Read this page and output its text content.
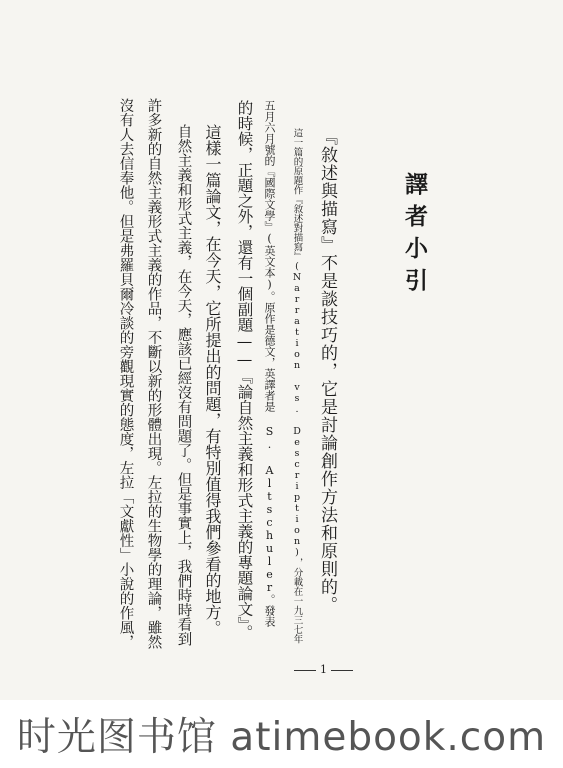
譯者小引
『敘述與描寫』不是談技巧的，它是討論創作方法和原則的。
這一篇的原題作『敘述對描寫』(Narration vs. Description)，分載在一九三七年
五月六月號的『國際文學』(英文本)。原作是德文，英譯者是 S. Altschuler。發表
的時候，正題之外，還有一個副題——『論自然主義和形式主義的專題論文』。
這樣一篇論文，在今天，它所提出的問題，有特別值得我們參看的地方。
自然主義和形式主義，在今天，應該已經沒有問題了。但是事實上，我們時時看到
許多新的自然主義形式主義的作品，不斷以新的形體出現。左拉的生物學的理論，雖然
沒有人去信奉他。但是弗羅貝爾冷談的旁觀現實的態度，左拉「文獻性」小說的作風，
1
时光图书馆 atimebook.com
